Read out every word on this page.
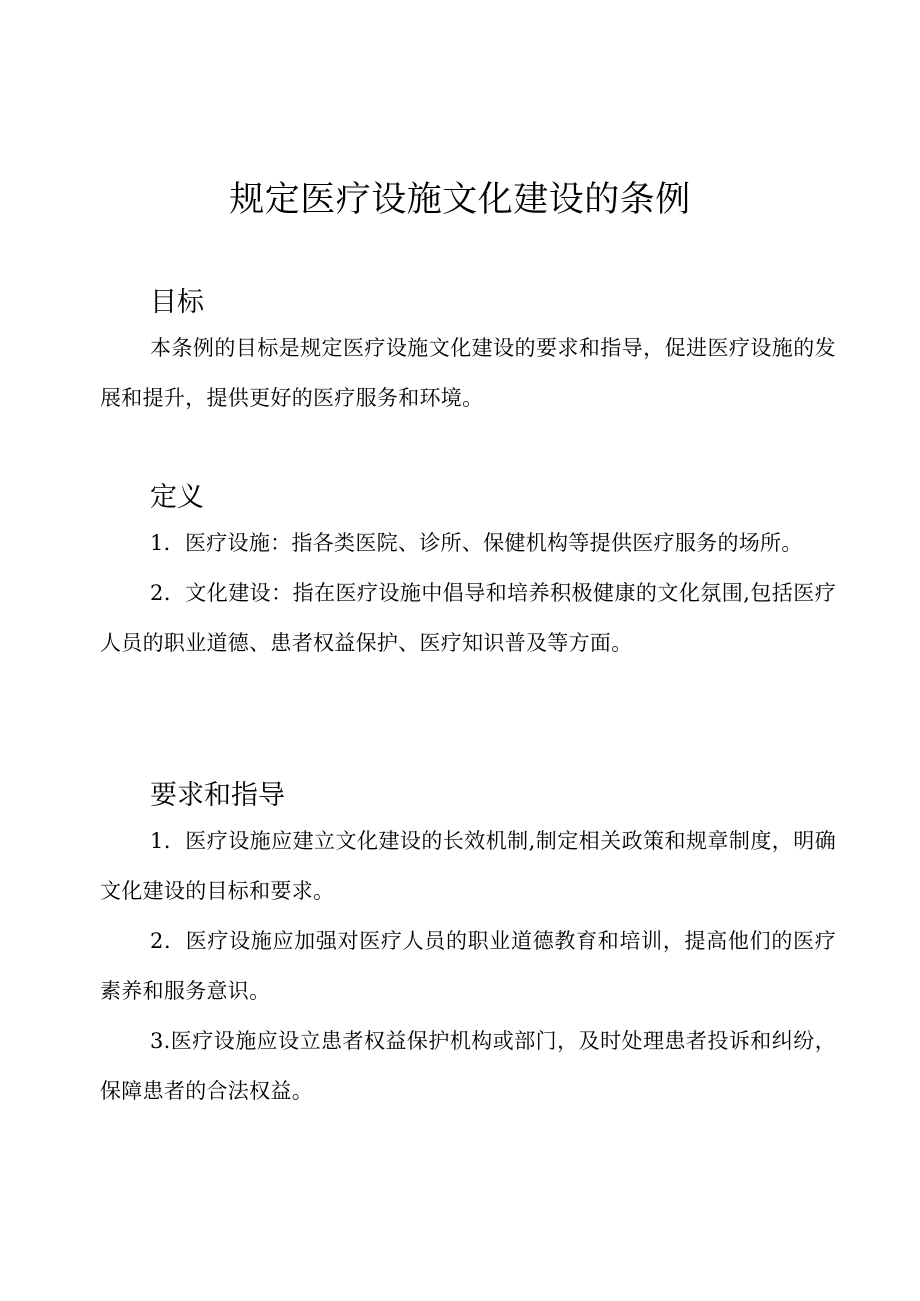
规定医疗设施文化建设的条例
目标

本条例的目标是规定医疗设施文化建设的要求和指导，促进医疗设施的发展和提升，提供更好的医疗服务和环境。

定义

1．医疗设施：指各类医院、诊所、保健机构等提供医疗服务的场所。

2．文化建设：指在医疗设施中倡导和培养积极健康的文化氛围,包括医疗人员的职业道德、患者权益保护、医疗知识普及等方面。

要求和指导

1．医疗设施应建立文化建设的长效机制,制定相关政策和规章制度，明确文化建设的目标和要求。

2．医疗设施应加强对医疗人员的职业道德教育和培训，提高他们的医疗素养和服务意识。

3.医疗设施应设立患者权益保护机构或部门，及时处理患者投诉和纠纷，保障患者的合法权益。
